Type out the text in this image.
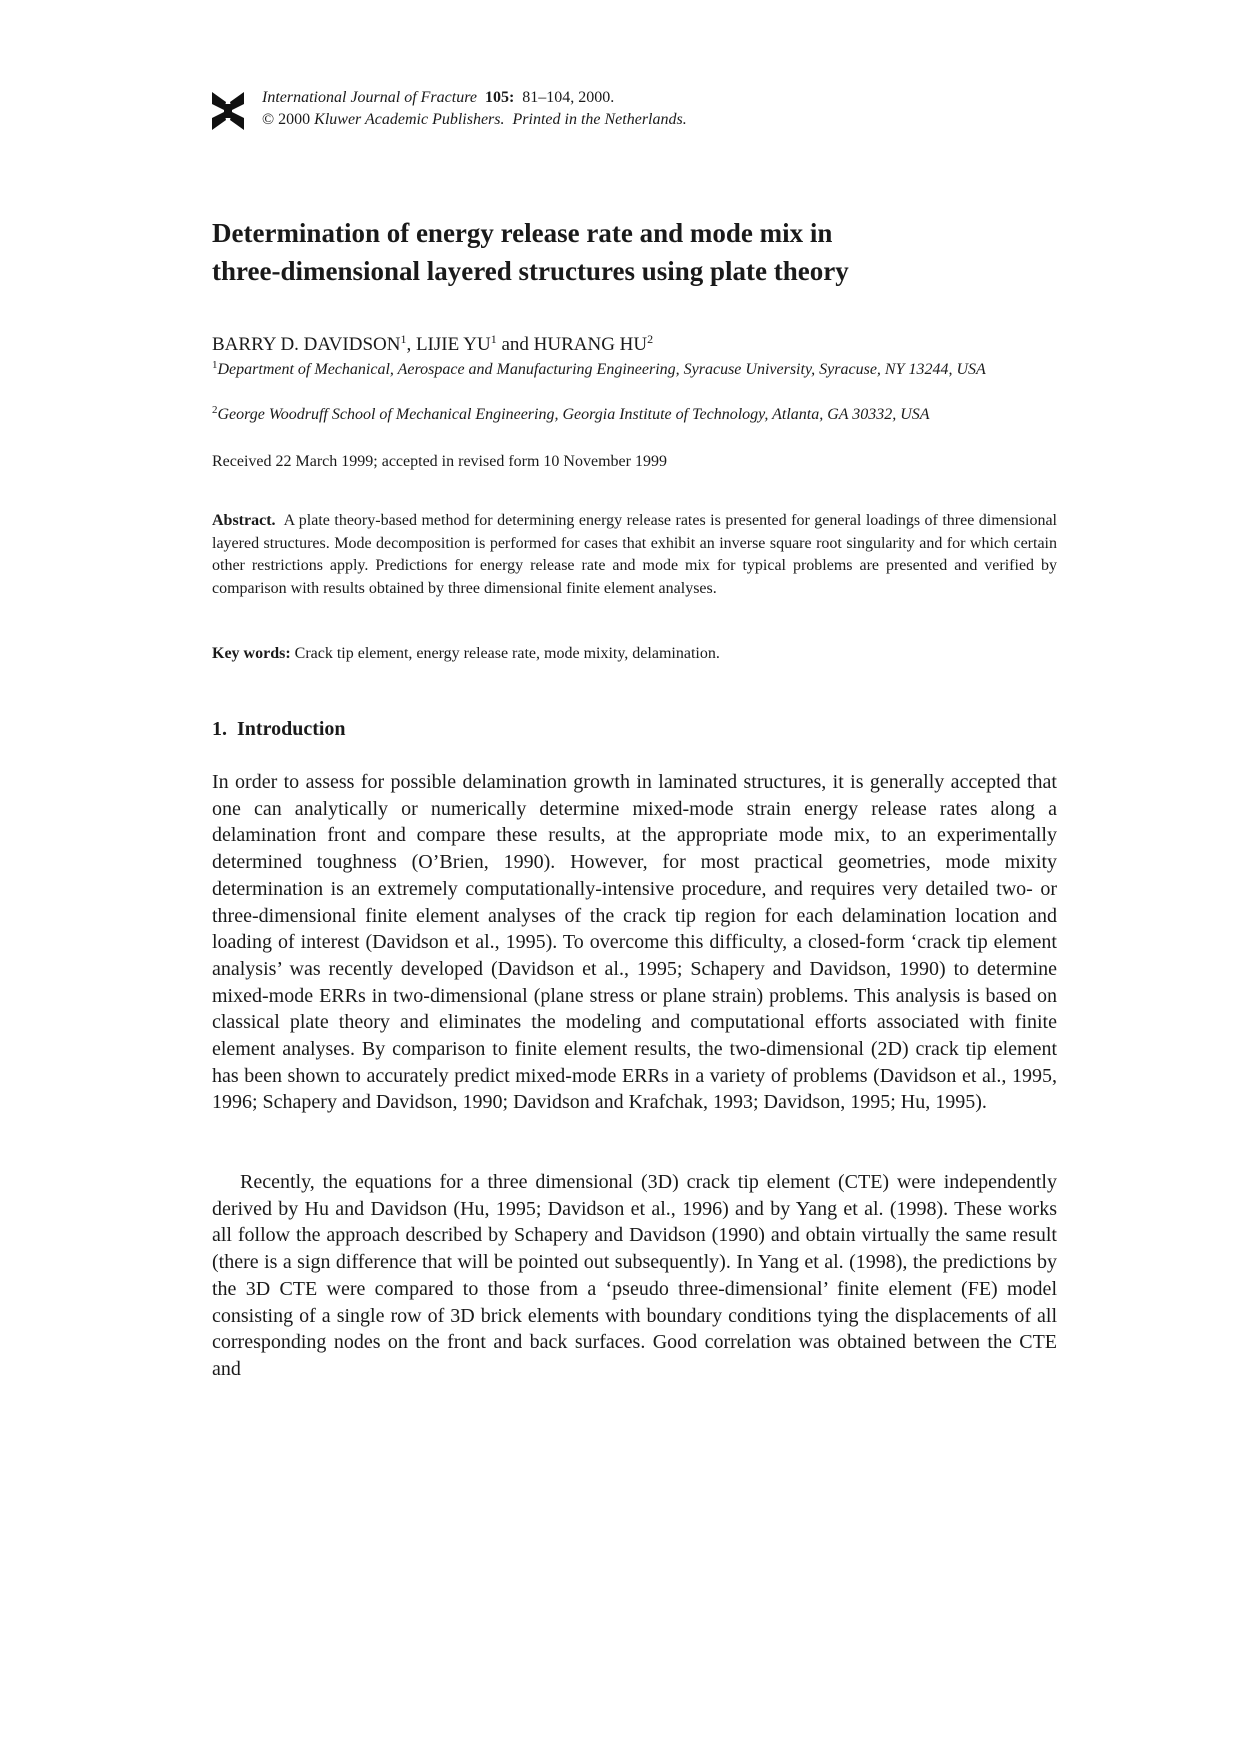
International Journal of Fracture 105: 81–104, 2000.
© 2000 Kluwer Academic Publishers. Printed in the Netherlands.
Determination of energy release rate and mode mix in
three-dimensional layered structures using plate theory
BARRY D. DAVIDSON$^1$, LIJIE $YU^1$ and HURANG $HU^2$
$^1$Department of Mechanical, Aerospace and Manufacturing Engineering, Syracuse University, Syracuse, NY 13244, USA
$^2$George Woodruff School of Mechanical Engineering, Georgia Institute of Technology, Atlanta, GA 30332, USA
Received 22 March 1999; accepted in revised form 10 November 1999

Abstract. A plate theory-based method for determining energy release rates is presented for general loadings of three dimensional layered structures. Mode decomposition is performed for cases that exhibit an inverse square root singularity and for which certain other restrictions apply. Predictions for energy release rate and mode mix for typical problems are presented and verified by comparison with results obtained by three dimensional finite element analyses.

Key words: Crack tip element, energy release rate, mode mixity, delamination.
1. Introduction

In order to assess for possible delamination growth in laminated structures, it is generally accepted that one can analytically or numerically determine mixed-mode strain energy release rates along a delamination front and compare these results, at the appropriate mode mix, to an experimentally determined toughness (O’Brien, 1990). However, for most practical geometries, mode mixity determination is an extremely computationally-intensive procedure, and requires very detailed two- or three-dimensional finite element analyses of the crack tip region for each delamination location and loading of interest (Davidson et al., 1995). To overcome this difficulty, a closed-form ‘crack tip element analysis’ was recently developed (Davidson et al., 1995; Schapery and Davidson, 1990) to determine mixed-mode ERRs in two-dimensional (plane stress or plane strain) problems. This analysis is based on classical plate theory and eliminates the modeling and computational efforts associated with finite element analyses. By comparison to finite element results, the two-dimensional (2D) crack tip element has been shown to accurately predict mixed-mode ERRs in a variety of problems (Davidson et al., 1995, 1996; Schapery and Davidson, 1990; Davidson and Krafchak, 1993; Davidson, 1995; Hu, 1995).

Recently, the equations for a three dimensional (3D) crack tip element (CTE) were independently derived by Hu and Davidson (Hu, 1995; Davidson et al., 1996) and by Yang et al. (1998). These works all follow the approach described by Schapery and Davidson (1990) and obtain virtually the same result (there is a sign difference that will be pointed out subsequently). In Yang et al. (1998), the predictions by the 3D CTE were compared to those from a ‘pseudo three-dimensional’ finite element (FE) model consisting of a single row of 3D brick elements with boundary conditions tying the displacements of all corresponding nodes on the front and back surfaces. Good correlation was obtained between the CTE and
